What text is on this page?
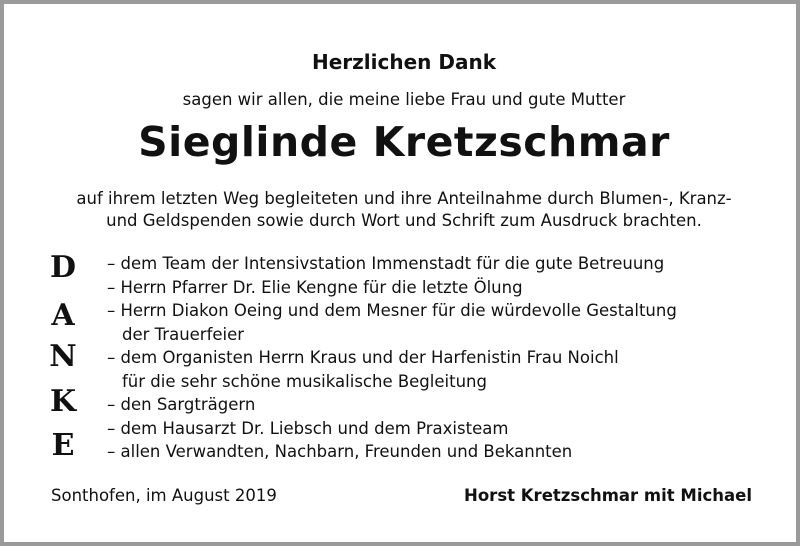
Herzlichen Dank
sagen wir allen, die meine liebe Frau und gute Mutter
Sieglinde Kretzschmar
auf ihrem letzten Weg begleiteten und ihre Anteilnahme durch Blumen-, Kranz-
und Geldspenden sowie durch Wort und Schrift zum Ausdruck brachten.
D
A
N
K
E
– dem Team der Intensivstation Immenstadt für die gute Betreuung
– Herrn Pfarrer Dr. Elie Kengne für die letzte Ölung
– Herrn Diakon Oeing und dem Mesner für die würdevolle Gestaltung
der Trauerfeier
– dem Organisten Herrn Kraus und der Harfenistin Frau Noichl
für die sehr schöne musikalische Begleitung
– den Sargträgern
– dem Hausarzt Dr. Liebsch und dem Praxisteam
– allen Verwandten, Nachbarn, Freunden und Bekannten
Sonthofen, im August 2019	Horst Kretzschmar mit Michael
